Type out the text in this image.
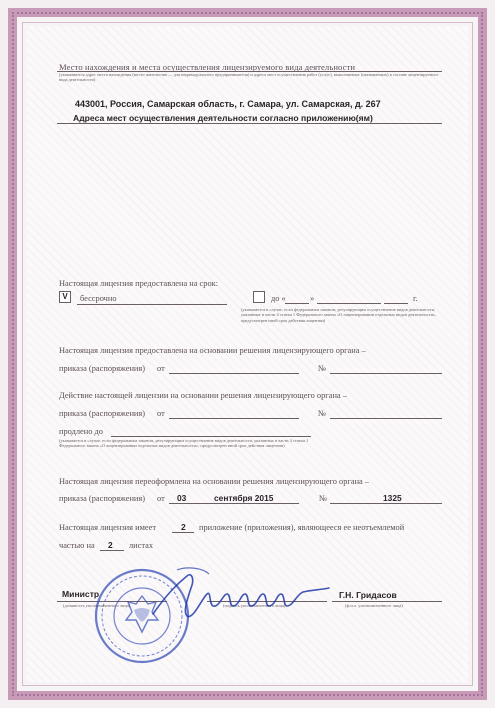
Место нахождения и места осуществления лицензируемого вида деятельности
(указываются адрес места нахождения (место жительства — для индивидуального предпринимателя) и адреса мест осуществления работ (услуг), выполняемых (оказываемых) в составе лицензируемого вида деятельности)
443001, Россия, Самарская область, г. Самара, ул. Самарская, д. 267
Адреса мест осуществления деятельности согласно приложению(ям)
Настоящая лицензия предоставлена на срок:
V	бессрочно	до «	»	г.
(указывается в случае, если федеральным законом, регулирующим осуществление видов деятельности, указанных в части 4 статьи 1 Федерального закона «О лицензировании отдельных видов деятельности», предусмотрен иной срок действия лицензии)
Настоящая лицензия предоставлена на основании решения лицензирующего органа –
приказа (распоряжения) от	№
Действие настоящей лицензии на основании решения лицензирующего органа –
приказа (распоряжения) от	№
продлено до
(указывается в случае, если федеральным законом, регулирующим осуществление видов деятельности, указанных в части 4 статьи 1 Федерального закона «О лицензировании отдельных видов деятельности», предусмотрен иной срок действия лицензии)
Настоящая лицензия переоформлена на основании решения лицензирующего органа –
приказа (распоряжения) от 03	сентября 2015	№	1325
Настоящая лицензия имеет	2 приложение (приложения), являющееся ее неотъемлемой
частью на 2 листах
Министр
(должность уполномоченного лица)	(подпись уполномоченного лица)
Г.Н. Гридасов
(ф.и.о. уполномоченного лица)
